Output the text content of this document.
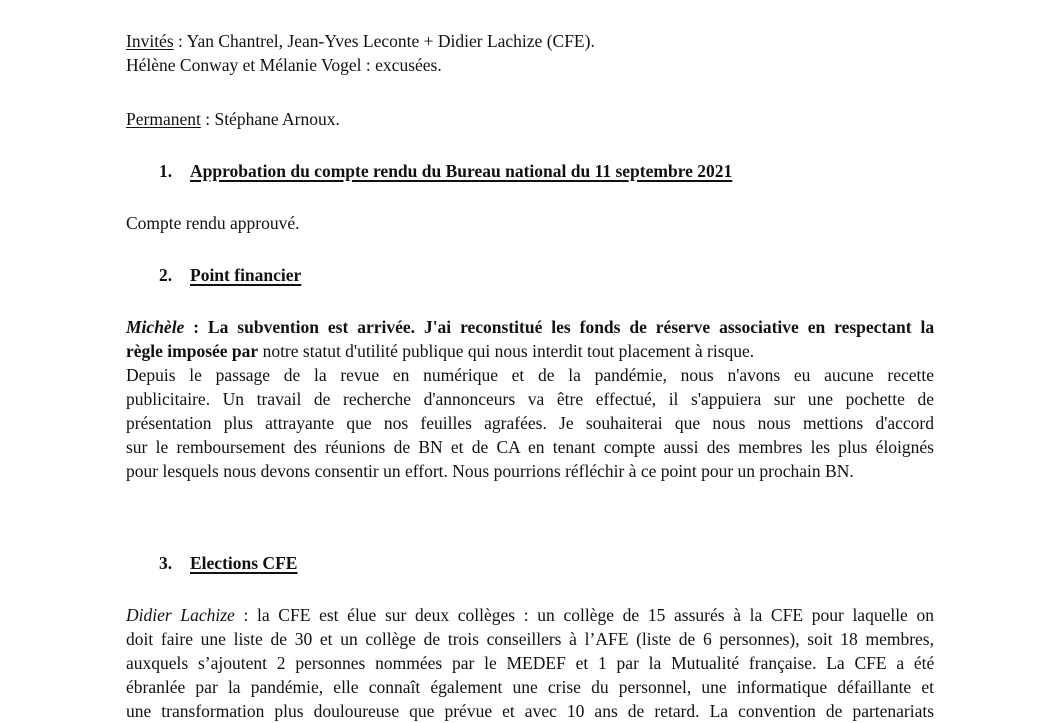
Invités : Yan Chantrel, Jean-Yves Leconte + Didier Lachize (CFE).
Hélène Conway et Mélanie Vogel : excusées.
Permanent : Stéphane Arnoux.
1. Approbation du compte rendu du Bureau national du 11 septembre 2021
Compte rendu approuvé.
2. Point financier
Michèle : La subvention est arrivée. J'ai reconstitué les fonds de réserve associative en respectant la
règle imposée par notre statut d'utilité publique qui nous interdit tout placement à risque.
Depuis le passage de la revue en numérique et de la pandémie, nous n'avons eu aucune recette
publicitaire. Un travail de recherche d'annonceurs va être effectué, il s'appuiera sur une pochette de
présentation plus attrayante que nos feuilles agrafées. Je souhaiterai que nous nous mettions d'accord
sur le remboursement des réunions de BN et de CA en tenant compte aussi des membres les plus éloignés
pour lesquels nous devons consentir un effort. Nous pourrions réfléchir à ce point pour un prochain BN.
3. Elections CFE
Didier Lachize : la CFE est élue sur deux collèges : un collège de 15 assurés à la CFE pour laquelle on
doit faire une liste de 30 et un collège de trois conseillers à l’AFE (liste de 6 personnes), soit 18 membres,
auxquels s’ajoutent 2 personnes nommées par le MEDEF et 1 par la Mutualité française. La CFE a été
ébranlée par la pandémie, elle connaît également une crise du personnel, une informatique défaillante et
une transformation plus douloureuse que prévue et avec 10 ans de retard. La convention de partenariats
